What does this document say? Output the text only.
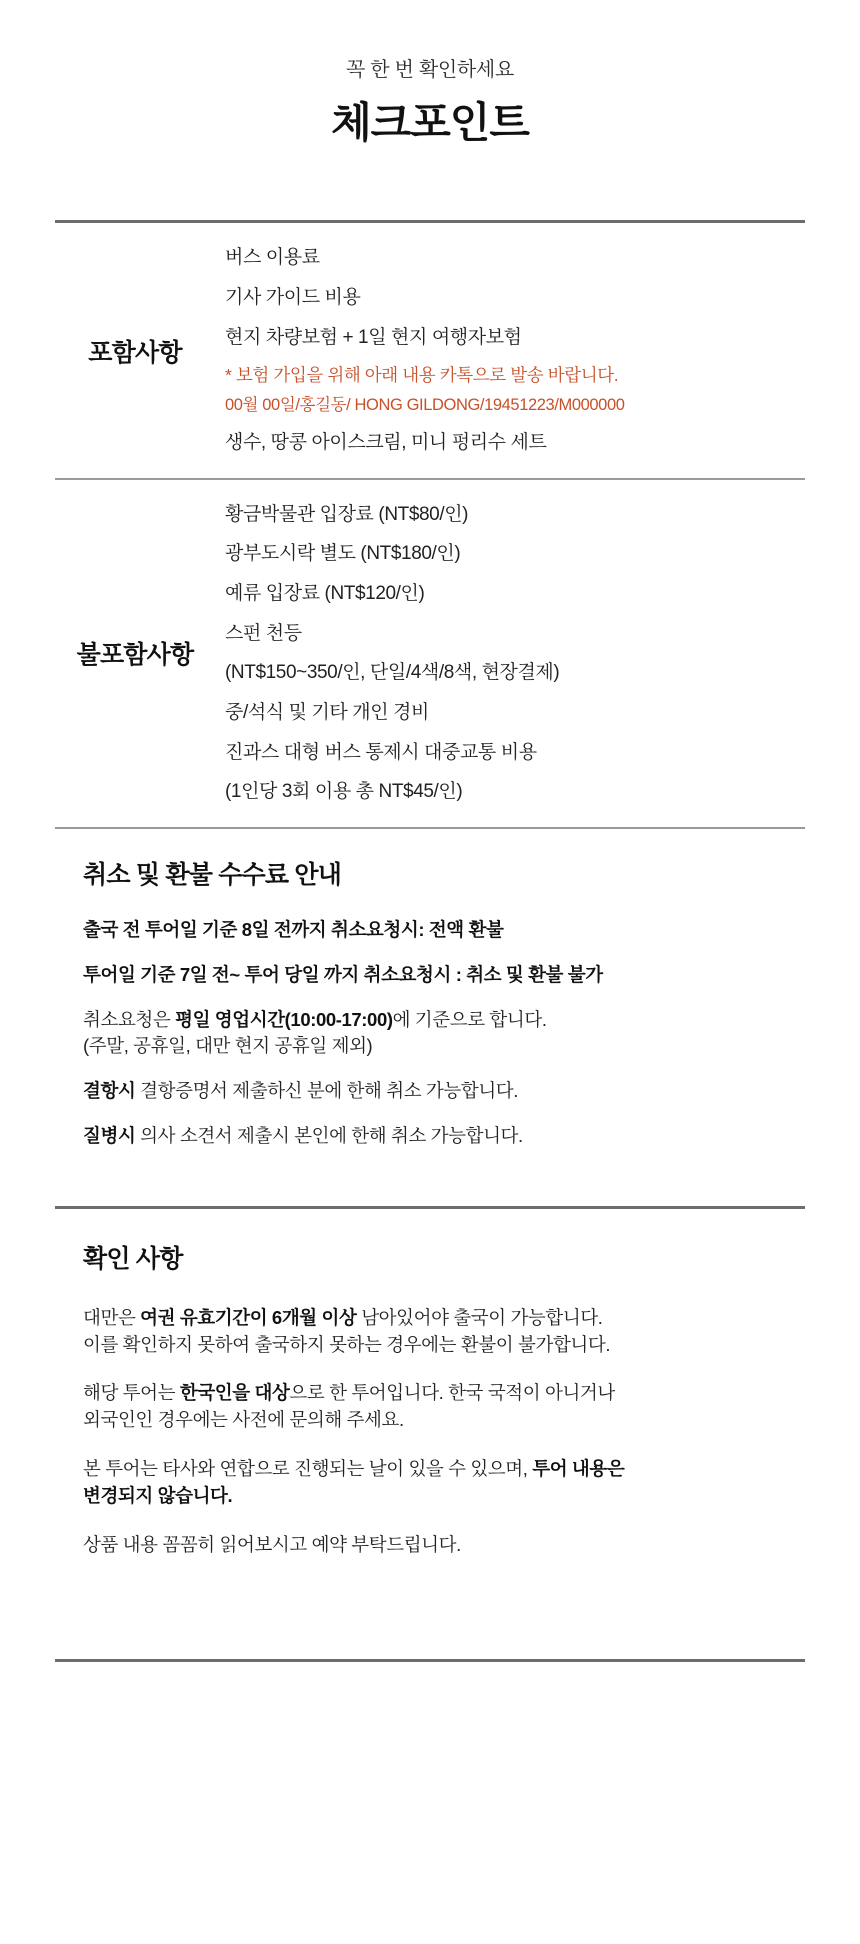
꼭 한 번 확인하세요
체크포인트
포함사항

버스 이용료

기사 가이드 비용

현지 차량보험 + 1일 현지 여행자보험

* 보험 가입을 위해 아래 내용 카톡으로 발송 바랍니다.

00월 00일/홍길동/ HONG GILDONG/19451223/M000000

생수, 땅콩 아이스크림, 미니 펑리수 세트

불포함사항

황금박물관 입장료 (NT$80/인)

광부도시락 별도 (NT$180/인)

예류 입장료 (NT$120/인)

스펀 천등

(NT$150~350/인, 단일/4색/8색, 현장결제)

중/석식 및 기타 개인 경비

진과스 대형 버스 통제시 대중교통 비용

(1인당 3회 이용 총 NT$45/인)

취소 및 환불 수수료 안내

출국 전 투어일 기준 8일 전까지 취소요청시: 전액 환불

투어일 기준 7일 전~ 투어 당일 까지 취소요청시 : 취소 및 환불 불가

취소요청은 평일 영업시간(10:00-17:00)에 기준으로 합니다.
(주말, 공휴일, 대만 현지 공휴일 제외)

결항시 결항증명서 제출하신 분에 한해 취소 가능합니다.

질병시 의사 소견서 제출시 본인에 한해 취소 가능합니다.

확인 사항

대만은 여권 유효기간이 6개월 이상 남아있어야 출국이 가능합니다.
이를 확인하지 못하여 출국하지 못하는 경우에는 환불이 불가합니다.

해당 투어는 한국인을 대상으로 한 투어입니다. 한국 국적이 아니거나
외국인인 경우에는 사전에 문의해 주세요.

본 투어는 타사와 연합으로 진행되는 날이 있을 수 있으며, 투어 내용은
변경되지 않습니다.

상품 내용 꼼꼼히 읽어보시고 예약 부탁드립니다.
